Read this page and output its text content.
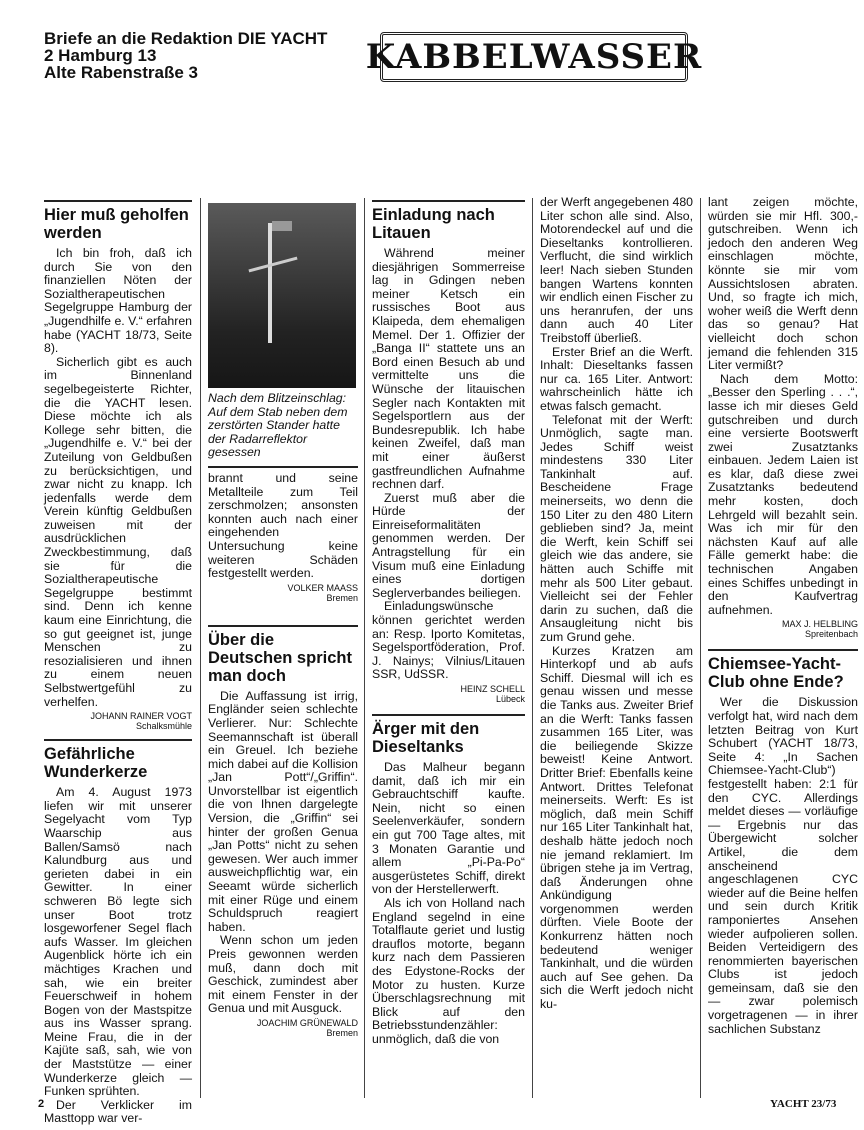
Briefe an die Redaktion DIE YACHT
2 Hamburg 13
Alte Rabenstraße 3	KABBELWASSER
Hier muß geholfen werden

Ich bin froh, daß ich durch Sie von den finanziellen Nöten der Sozialtherapeutischen Segelgruppe Hamburg der „Jugendhilfe e. V.“ erfahren habe (YACHT 18/73, Seite 8).

Sicherlich gibt es auch im Binnenland segelbegeisterte Richter, die die YACHT lesen. Diese möchte ich als Kollege sehr bitten, die „Jugendhilfe e. V.“ bei der Zuteilung von Geldbußen zu berücksichtigen, und zwar nicht zu knapp. Ich jedenfalls werde dem Verein künftig Geldbußen zuweisen mit der ausdrücklichen Zweckbestimmung, daß sie für die Sozialtherapeutische Segelgruppe bestimmt sind. Denn ich kenne kaum eine Einrichtung, die so gut geeignet ist, junge Menschen zu resozialisieren und ihnen zu einem neuen Selbstwertgefühl zu verhelfen.

JOHANN RAINER VOGT
Schalksmühle
Gefährliche Wunderkerze

Am 4. August 1973 liefen wir mit unserer Segelyacht vom Typ Waarschip aus Ballen/Samsö nach Kalundburg aus und gerieten dabei in ein Gewitter. In einer schweren Bö legte sich unser Boot trotz losgeworfener Segel flach aufs Wasser. Im gleichen Augenblick hörte ich ein mächtiges Krachen und sah, wie ein breiter Feuerschweif in hohem Bogen von der Mastspitze aus ins Wasser sprang. Meine Frau, die in der Kajüte saß, sah, wie von der Maststütze — einer Wunderkerze gleich — Funken sprühten.

Der Verklicker im Masttopp war ver-

Nach dem Blitzeinschlag: Auf dem Stab neben dem zerstörten Stander hatte der Radarreflektor gesessen

brannt und seine Metallteile zum Teil zerschmolzen; ansonsten konnten auch nach einer eingehenden Untersuchung keine weiteren Schäden festgestellt werden.

VOLKER MAASS
Bremen
Über die Deutschen spricht man doch

Die Auffassung ist irrig, Engländer seien schlechte Verlierer. Nur: Schlechte Seemannschaft ist überall ein Greuel. Ich beziehe mich dabei auf die Kollision „Jan Pott“/„Griffin“. Unvorstellbar ist eigentlich die von Ihnen dargelegte Version, die „Griffin“ sei hinter der großen Genua „Jan Potts“ nicht zu sehen gewesen. Wer auch immer ausweichpflichtig war, ein Seeamt würde sicherlich mit einer Rüge und einem Schuldspruch reagiert haben.

Wenn schon um jeden Preis gewonnen werden muß, dann doch mit Geschick, zumindest aber mit einem Fenster in der Genua und mit Ausguck.

JOACHIM GRÜNEWALD
Bremen
Einladung nach Litauen

Während meiner diesjährigen Sommerreise lag in Gdingen neben meiner Ketsch ein russisches Boot aus Klaipeda, dem ehemaligen Memel. Der 1. Offizier der „Banga II“ stattete uns an Bord einen Besuch ab und vermittelte uns die Wünsche der litauischen Segler nach Kontakten mit Segelsportlern aus der Bundesrepublik. Ich habe keinen Zweifel, daß man mit einer äußerst gastfreundlichen Aufnahme rechnen darf.

Zuerst muß aber die Hürde der Einreiseformalitäten genommen werden. Der Antragstellung für ein Visum muß eine Einladung eines dortigen Seglerverbandes beiliegen.

Einladungswünsche können gerichtet werden an: Resp. Iporto Komitetas, Segelsportföderation, Prof. J. Nainys; Vilnius/Litauen SSR, UdSSR.

HEINZ SCHELL
Lübeck
Ärger mit den Dieseltanks

Das Malheur begann damit, daß ich mir ein Gebrauchtschiff kaufte. Nein, nicht so einen Seelenverkäufer, sondern ein gut 700 Tage altes, mit 3 Monaten Garantie und allem „Pi-Pa-Po“ ausgerüstetes Schiff, direkt von der Herstellerwerft.

Als ich von Holland nach England segelnd in eine Totalflaute geriet und lustig drauflos motorte, begann kurz nach dem Passieren des Edystone-Rocks der Motor zu husten. Kurze Überschlagsrechnung mit Blick auf den Betriebsstundenzähler: unmöglich, daß die von

der Werft angegebenen 480 Liter schon alle sind. Also, Motorendeckel auf und die Dieseltanks kontrollieren. Verflucht, die sind wirklich leer! Nach sieben Stunden bangen Wartens konnten wir endlich einen Fischer zu uns heranrufen, der uns dann auch 40 Liter Treibstoff überließ.

Erster Brief an die Werft. Inhalt: Dieseltanks fassen nur ca. 165 Liter. Antwort: wahrscheinlich hätte ich etwas falsch gemacht.

Telefonat mit der Werft: Unmöglich, sagte man. Jedes Schiff weist mindestens 330 Liter Tankinhalt auf. Bescheidene Frage meinerseits, wo denn die 150 Liter zu den 480 Litern geblieben sind? Ja, meint die Werft, kein Schiff sei gleich wie das andere, sie hätten auch Schiffe mit mehr als 500 Liter gebaut. Vielleicht sei der Fehler darin zu suchen, daß die Ansaugleitung nicht bis zum Grund gehe.

Kurzes Kratzen am Hinterkopf und ab aufs Schiff. Diesmal will ich es genau wissen und messe die Tanks aus. Zweiter Brief an die Werft: Tanks fassen zusammen 165 Liter, was die beiliegende Skizze beweist! Keine Antwort. Dritter Brief: Ebenfalls keine Antwort. Drittes Telefonat meinerseits. Werft: Es ist möglich, daß mein Schiff nur 165 Liter Tankinhalt hat, deshalb hätte jedoch noch nie jemand reklamiert. Im übrigen stehe ja im Vertrag, daß Änderungen ohne Ankündigung vorgenommen werden dürften. Viele Boote der Konkurrenz hätten noch bedeutend weniger Tankinhalt, und die würden auch auf See gehen. Da sich die Werft jedoch nicht ku-

lant zeigen möchte, würden sie mir Hfl. 300,- gutschreiben. Wenn ich jedoch den anderen Weg einschlagen möchte, könnte sie mir vom Aussichtslosen abraten. Und, so fragte ich mich, woher weiß die Werft denn das so genau? Hat vielleicht doch schon jemand die fehlenden 315 Liter vermißt?

Nach dem Motto: „Besser den Sperling . . .“, lasse ich mir dieses Geld gutschreiben und durch eine versierte Bootswerft zwei Zusatztanks einbauen. Jedem Laien ist es klar, daß diese zwei Zusatztanks bedeutend mehr kosten, doch Lehrgeld will bezahlt sein. Was ich mir für den nächsten Kauf auf alle Fälle gemerkt habe: die technischen Angaben eines Schiffes unbedingt in den Kaufvertrag aufnehmen.

MAX J. HELBLING
Spreitenbach
Chiemsee-Yacht-Club ohne Ende?

Wer die Diskussion verfolgt hat, wird nach dem letzten Beitrag von Kurt Schubert (YACHT 18/73, Seite 4: „In Sachen Chiemsee-Yacht-Club“) festgestellt haben: 2:1 für den CYC. Allerdings meldet dieses — vorläufige — Ergebnis nur das Übergewicht solcher Artikel, die dem anscheinend angeschlagenen CYC wieder auf die Beine helfen und sein durch Kritik ramponiertes Ansehen wieder aufpolieren sollen. Beiden Verteidigern des renommierten bayerischen Clubs ist jedoch gemeinsam, daß sie den — zwar polemisch vorgetragenen — in ihrer sachlichen Substanz

2	YACHT 23/73
